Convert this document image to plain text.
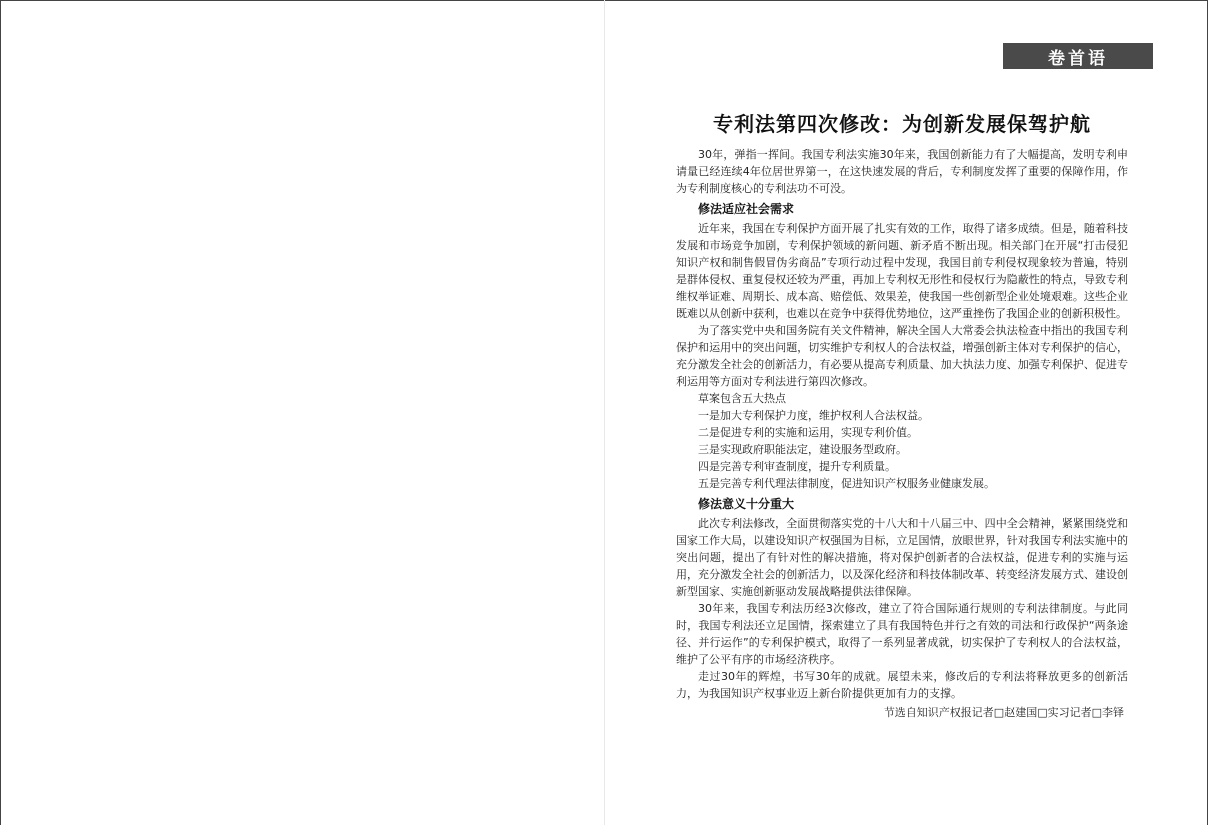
卷首语
专利法第四次修改：为创新发展保驾护航

30年，弹指一挥间。我国专利法实施30年来，我国创新能力有了大幅提高，发明专利申请量已经连续4年位居世界第一，在这快速发展的背后，专利制度发挥了重要的保障作用，作为专利制度核心的专利法功不可没。

修法适应社会需求

近年来，我国在专利保护方面开展了扎实有效的工作，取得了诸多成绩。但是，随着科技发展和市场竞争加剧，专利保护领域的新问题、新矛盾不断出现。相关部门在开展“打击侵犯知识产权和制售假冒伪劣商品”专项行动过程中发现，我国目前专利侵权现象较为普遍，特别是群体侵权、重复侵权还较为严重，再加上专利权无形性和侵权行为隐蔽性的特点，导致专利维权举证难、周期长、成本高、赔偿低、效果差，使我国一些创新型企业处境艰难。这些企业既难以从创新中获利，也难以在竞争中获得优势地位，这严重挫伤了我国企业的创新积极性。

为了落实党中央和国务院有关文件精神，解决全国人大常委会执法检查中指出的我国专利保护和运用中的突出问题，切实维护专利权人的合法权益，增强创新主体对专利保护的信心，充分激发全社会的创新活力，有必要从提高专利质量、加大执法力度、加强专利保护、促进专利运用等方面对专利法进行第四次修改。

草案包含五大热点

一是加大专利保护力度，维护权利人合法权益。

二是促进专利的实施和运用，实现专利价值。

三是实现政府职能法定，建设服务型政府。

四是完善专利审查制度，提升专利质量。

五是完善专利代理法律制度，促进知识产权服务业健康发展。

修法意义十分重大

此次专利法修改，全面贯彻落实党的十八大和十八届三中、四中全会精神，紧紧围绕党和国家工作大局，以建设知识产权强国为目标，立足国情，放眼世界，针对我国专利法实施中的突出问题，提出了有针对性的解决措施，将对保护创新者的合法权益，促进专利的实施与运用，充分激发全社会的创新活力，以及深化经济和科技体制改革、转变经济发展方式、建设创新型国家、实施创新驱动发展战略提供法律保障。

30年来，我国专利法历经3次修改，建立了符合国际通行规则的专利法律制度。与此同时，我国专利法还立足国情，探索建立了具有我国特色并行之有效的司法和行政保护“两条途径、并行运作”的专利保护模式，取得了一系列显著成就，切实保护了专利权人的合法权益，维护了公平有序的市场经济秩序。

走过30年的辉煌，书写30年的成就。展望未来，修改后的专利法将释放更多的创新活力，为我国知识产权事业迈上新台阶提供更加有力的支撑。

节选自知识产权报记者□赵建国□实习记者□李铎
